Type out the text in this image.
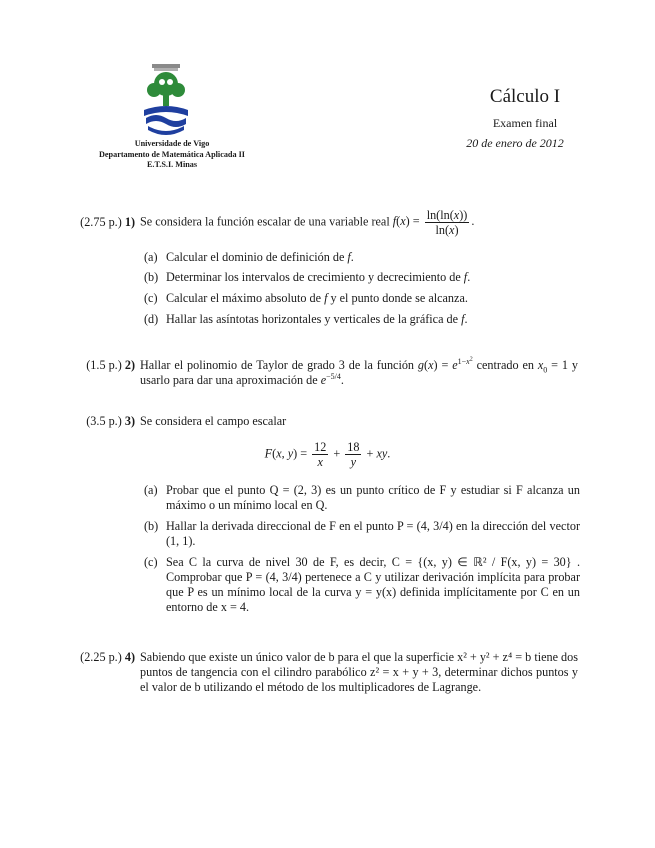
Universidade de Vigo
Departamento de Matemática Aplicada II
E.T.S.I. Minas
Cálculo I
Examen final
20 de enero de 2012
(2.75 p.) 1) Se considera la función escalar de una variable real $f(x) = \frac{\ln(\ln(x))}{\ln(x)}$ .
(a) Calcular el dominio de definición de f.
(b) Determinar los intervalos de crecimiento y decrecimiento de f.
(c) Calcular el máximo absoluto de f y el punto donde se alcanza.
(d) Hallar las asíntotas horizontales y verticales de la gráfica de f.
(1.5 p.) 2) Hallar el polinomio de Taylor de grado 3 de la función $g(x) = e^{1-x^2}$ centrado en $x_0 = 1$ y usarlo para dar una aproximación de $e^{-5/4}$.
(3.5 p.) 3) Se considera el campo escalar
F(x, $y) = \frac{12}{x} + \frac{18}{y}$ + xy.
(a) Probar que el punto Q = (2, 3) es un punto crítico de F y estudiar si F alcanza un máximo o un mínimo local en Q.
(b) Hallar la derivada direccional de F en el punto P = (4, 3/4) en la dirección del vector (1, 1).
(c) Sea C la curva de nivel 30 de F, es decir, C = {(x, y) ∈ ℝ² / F(x, y) = 30} . Comprobar que P = (4, 3/4) pertenece a C y utilizar derivación implícita para probar que P es un mínimo local de la curva y = y(x) definida implícitamente por C en un entorno de x = 4.
(2.25 p.) 4) Sabiendo que existe un único valor de b para el que la superficie x² + y² + z⁴ = b tiene dos puntos de tangencia con el cilindro parabólico z² = x + y + 3, determinar dichos puntos y el valor de b utilizando el método de los multiplicadores de Lagrange.
